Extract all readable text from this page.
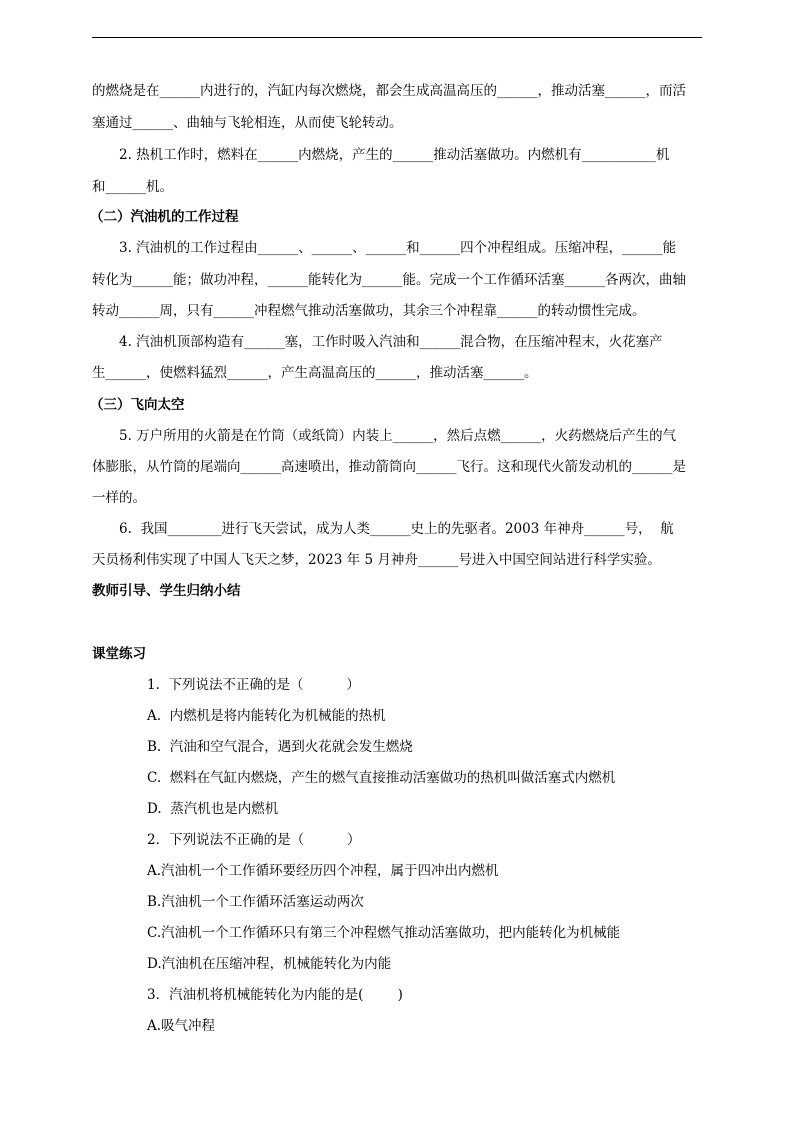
的燃烧是在______内进行的，汽缸内每次燃烧，都会生成高温高压的______，推动活塞______，而活
塞通过______、曲轴与飞轮相连，从而使飞轮转动。
2. 热机工作时，燃料在______内燃烧，产生的______推动活塞做功。内燃机有___________机
和______机。
（二）汽油机的工作过程
3. 汽油机的工作过程由______、______、______和______四个冲程组成。压缩冲程，______能
转化为______能；做功冲程，______能转化为______能。完成一个工作循环活塞______各两次，曲轴
转动______周，只有______冲程燃气推动活塞做功，其余三个冲程靠______的转动惯性完成。
4. 汽油机顶部构造有______塞，工作时吸入汽油和______混合物，在压缩冲程末，火花塞产
生______，使燃料猛烈______，产生高温高压的______，推动活塞______。
（三）飞向太空
5. 万户所用的火箭是在竹筒（或纸筒）内装上______，然后点燃______，火药燃烧后产生的气
体膨胀，从竹筒的尾端向______高速喷出，推动箭筒向______飞行。这和现代火箭发动机的______是
一样的。
6.  我国________进行飞天尝试，成为人类______史上的先驱者。2003 年神舟______号，  航
天员杨利伟实现了中国人飞天之梦，2023 年 5 月神舟______号进入中国空间站进行科学实验。
教师引导、学生归纳小结
课堂练习
1.  下列说法不正确的是（          ）
A.  内燃机是将内能转化为机械能的热机
B.  汽油和空气混合，遇到火花就会发生燃烧
C.  燃料在气缸内燃烧，产生的燃气直接推动活塞做功的热机叫做活塞式内燃机
D.  蒸汽机也是内燃机
2．下列说法不正确的是（          ）
A.汽油机一个工作循环要经历四个冲程，属于四冲出内燃机
B.汽油机一个工作循环活塞运动两次
C.汽油机一个工作循环只有第三个冲程燃气推动活塞做功，把内能转化为机械能
D.汽油机在压缩冲程，机械能转化为内能
3．汽油机将机械能转化为内能的是(        )
A.吸气冲程
